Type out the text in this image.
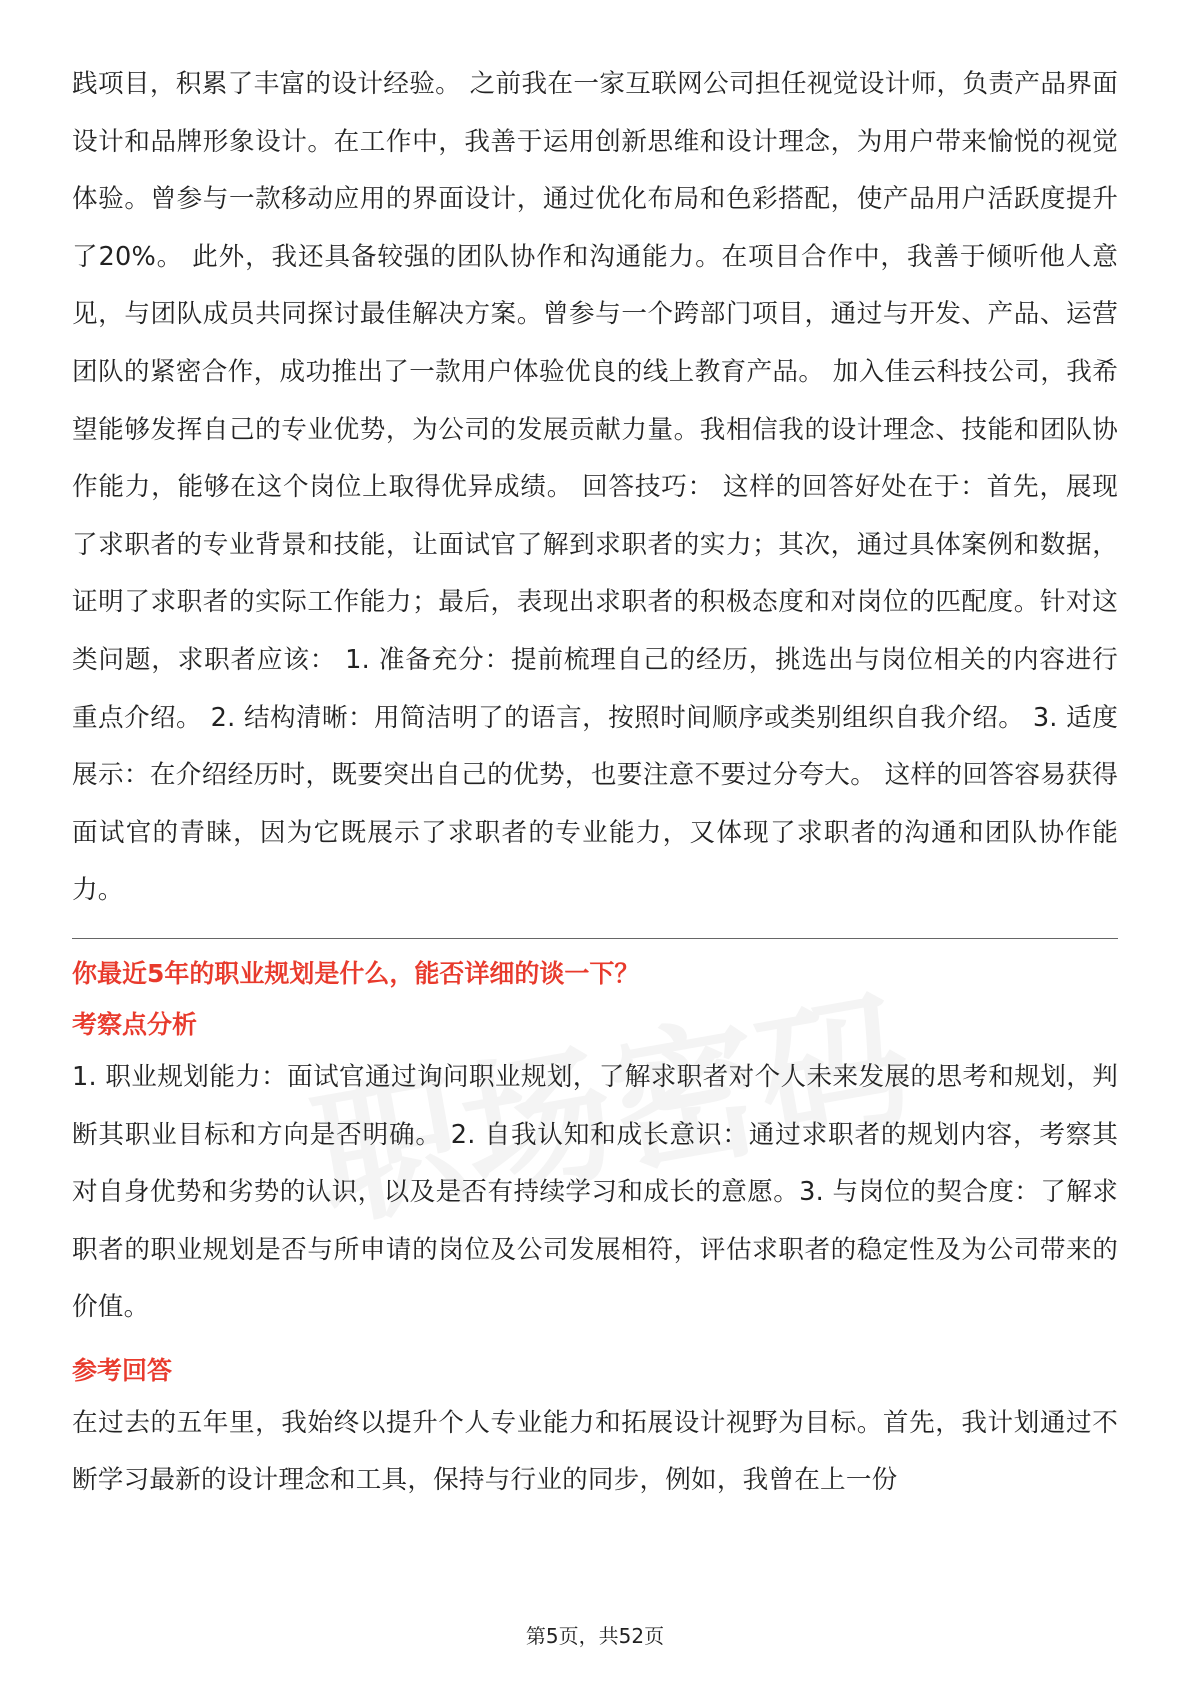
践项目，积累了丰富的设计经验。 之前我在一家互联网公司担任视觉设计师，负责产品界面设计和品牌形象设计。在工作中，我善于运用创新思维和设计理念，为用户带来愉悦的视觉体验。曾参与一款移动应用的界面设计，通过优化布局和色彩搭配，使产品用户活跃度提升了20%。 此外，我还具备较强的团队协作和沟通能力。在项目合作中，我善于倾听他人意见，与团队成员共同探讨最佳解决方案。曾参与一个跨部门项目，通过与开发、产品、运营团队的紧密合作，成功推出了一款用户体验优良的线上教育产品。 加入佳云科技公司，我希望能够发挥自己的专业优势，为公司的发展贡献力量。我相信我的设计理念、技能和团队协作能力，能够在这个岗位上取得优异成绩。 回答技巧： 这样的回答好处在于：首先，展现了求职者的专业背景和技能，让面试官了解到求职者的实力；其次，通过具体案例和数据，证明了求职者的实际工作能力；最后，表现出求职者的积极态度和对岗位的匹配度。针对这类问题，求职者应该： 1. 准备充分：提前梳理自己的经历，挑选出与岗位相关的内容进行重点介绍。 2. 结构清晰：用简洁明了的语言，按照时间顺序或类别组织自我介绍。 3. 适度展示：在介绍经历时，既要突出自己的优势，也要注意不要过分夸大。 这样的回答容易获得面试官的青睐，因为它既展示了求职者的专业能力，又体现了求职者的沟通和团队协作能力。

你最近5年的职业规划是什么，能否详细的谈一下？
考察点分析

1. 职业规划能力：面试官通过询问职业规划，了解求职者对个人未来发展的思考和规划，判断其职业目标和方向是否明确。 2. 自我认知和成长意识：通过求职者的规划内容，考察其对自身优势和劣势的认识，以及是否有持续学习和成长的意愿。3. 与岗位的契合度：了解求职者的职业规划是否与所申请的岗位及公司发展相符，评估求职者的稳定性及为公司带来的价值。

参考回答

在过去的五年里，我始终以提升个人专业能力和拓展设计视野为目标。首先，我计划通过不断学习最新的设计理念和工具，保持与行业的同步，例如，我曾在上一份

第5页，共52页
